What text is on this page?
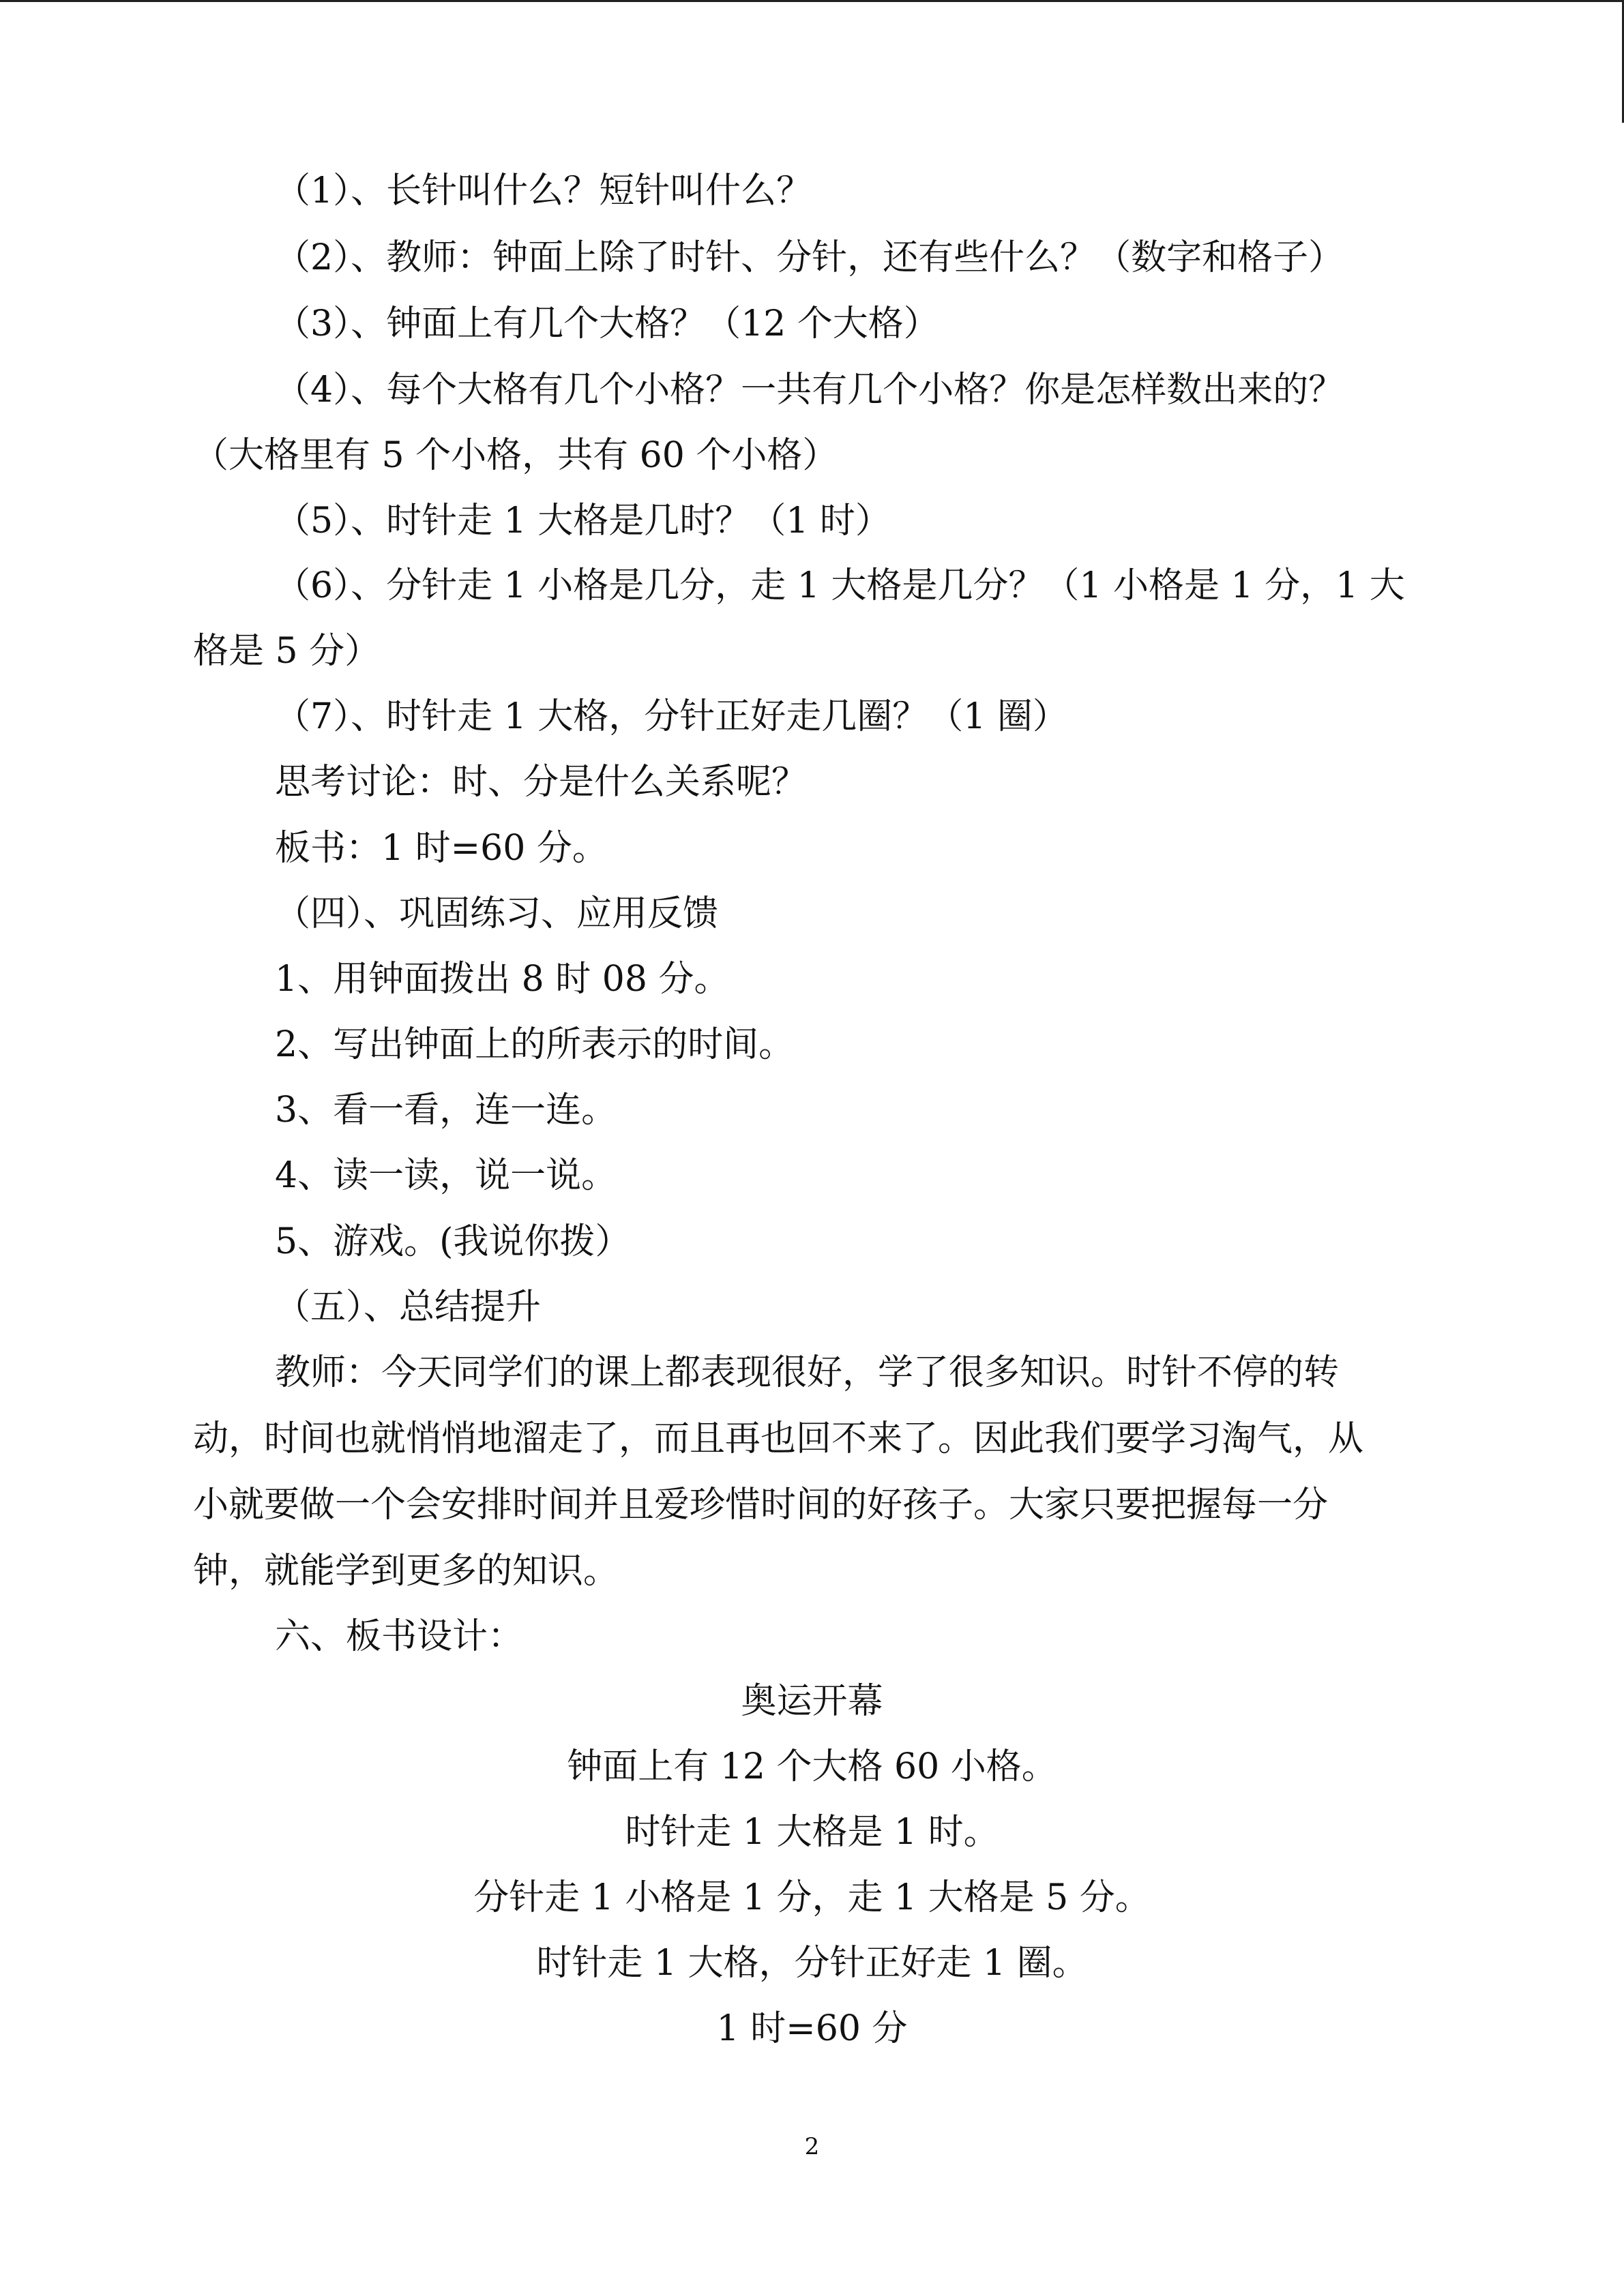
（1）、长针叫什么？短针叫什么？
（2）、教师：钟面上除了时针、分针，还有些什么？（数字和格子）
（3）、钟面上有几个大格？（12 个大格）
（4）、每个大格有几个小格？一共有几个小格？你是怎样数出来的？
（大格里有 5 个小格，共有 60 个小格）
（5）、时针走 1 大格是几时？（1 时）
（6）、分针走 1 小格是几分，走 1 大格是几分？（1 小格是 1 分，1 大
格是 5 分）
（7）、时针走 1 大格，分针正好走几圈？（1 圈）
思考讨论：时、分是什么关系呢？
板书：1 时=60 分。
（四）、巩固练习、应用反馈
1、用钟面拨出 8 时 08 分。
2、写出钟面上的所表示的时间。
3、看一看，连一连。
4、读一读，说一说。
5、游戏。(我说你拨）
（五）、总结提升
教师：今天同学们的课上都表现很好，学了很多知识。时针不停的转
动，时间也就悄悄地溜走了，而且再也回不来了。因此我们要学习淘气，从
小就要做一个会安排时间并且爱珍惜时间的好孩子。大家只要把握每一分
钟，就能学到更多的知识。
六、板书设计：
奥运开幕
钟面上有 12 个大格 60 小格。
时针走 1 大格是 1 时。
分针走 1 小格是 1 分，走 1 大格是 5 分。
时针走 1 大格，分针正好走 1 圈。
1 时=60 分
2
